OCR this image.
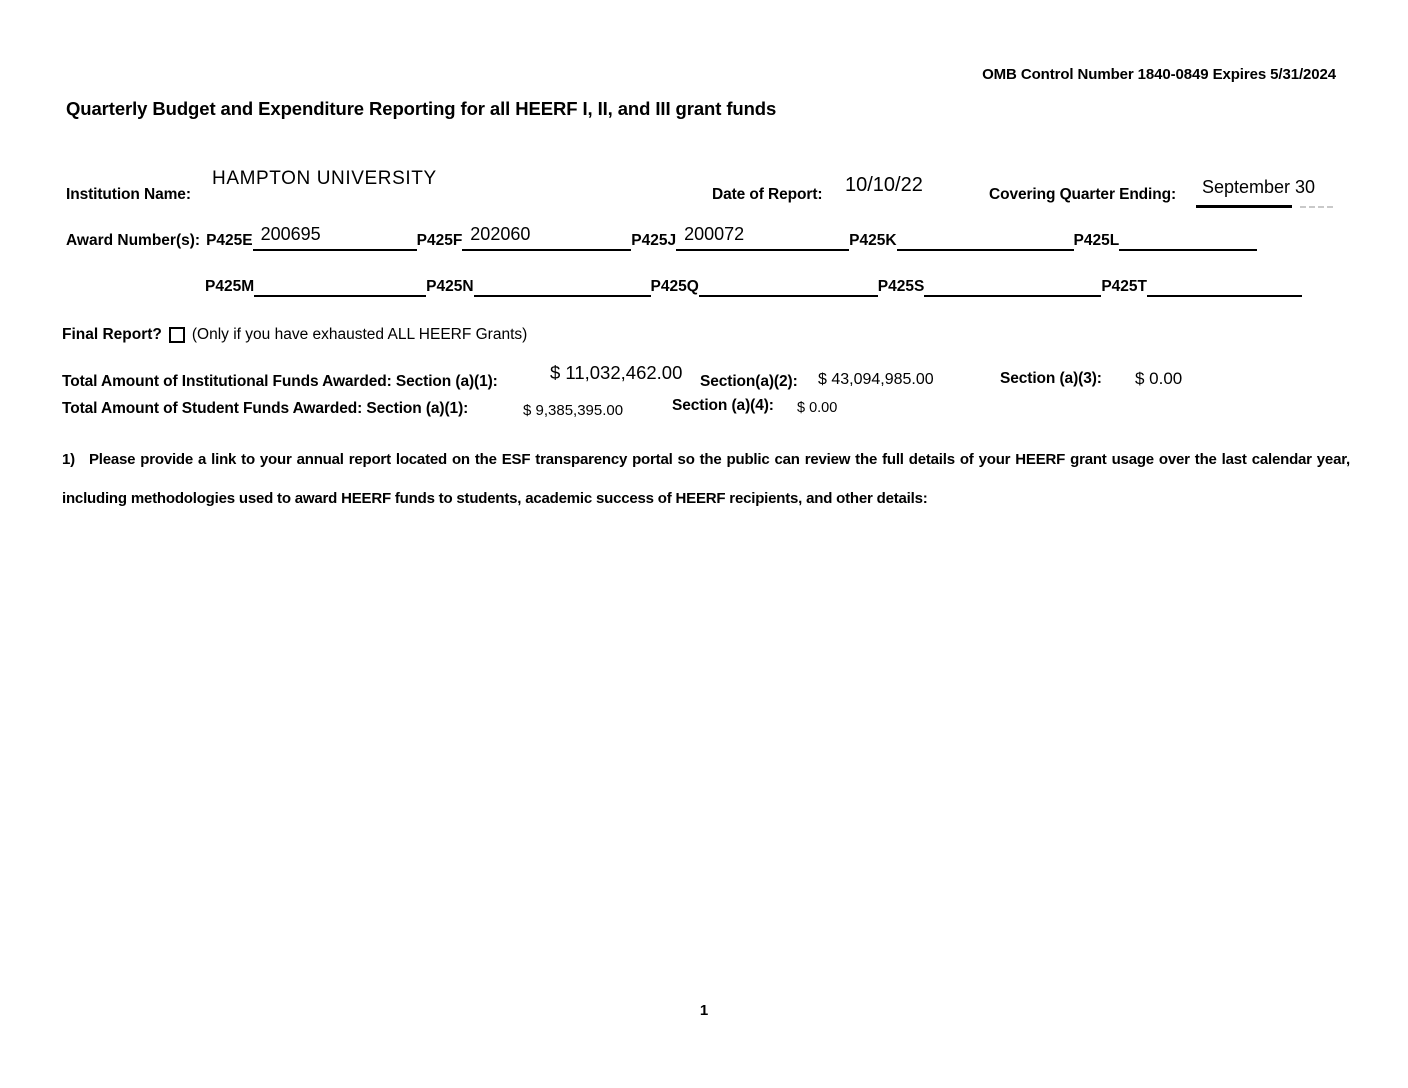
OMB Control Number 1840-0849 Expires 5/31/2024
Quarterly Budget and Expenditure Reporting for all HEERF I, II, and III grant funds
Institution Name:
HAMPTON UNIVERSITY
Date of Report: 10/10/22	Covering Quarter Ending: September 30
Award Number(s): P425E 200695	P425F 202060	P425J 200072	P425K	P425L
P425M	P425N	P425Q	P425S	P425T
Final Report? (Only if you have exhausted ALL HEERF Grants)
Total Amount of Institutional Funds Awarded: Section (a)(1):	$ 11,032,462.00 Section(a)(2): $ 43,094,985.00	Section (a)(3): $ 0.00
Total Amount of Student Funds Awarded: Section (a)(1):	$ 9,385,395.00	Section (a)(4): $ 0.00
1) Please provide a link to your annual report located on the ESF transparency portal so the public can review the full details of your HEERF grant usage over the last calendar year, including methodologies used to award HEERF funds to students, academic success of HEERF recipients, and other details:
1
